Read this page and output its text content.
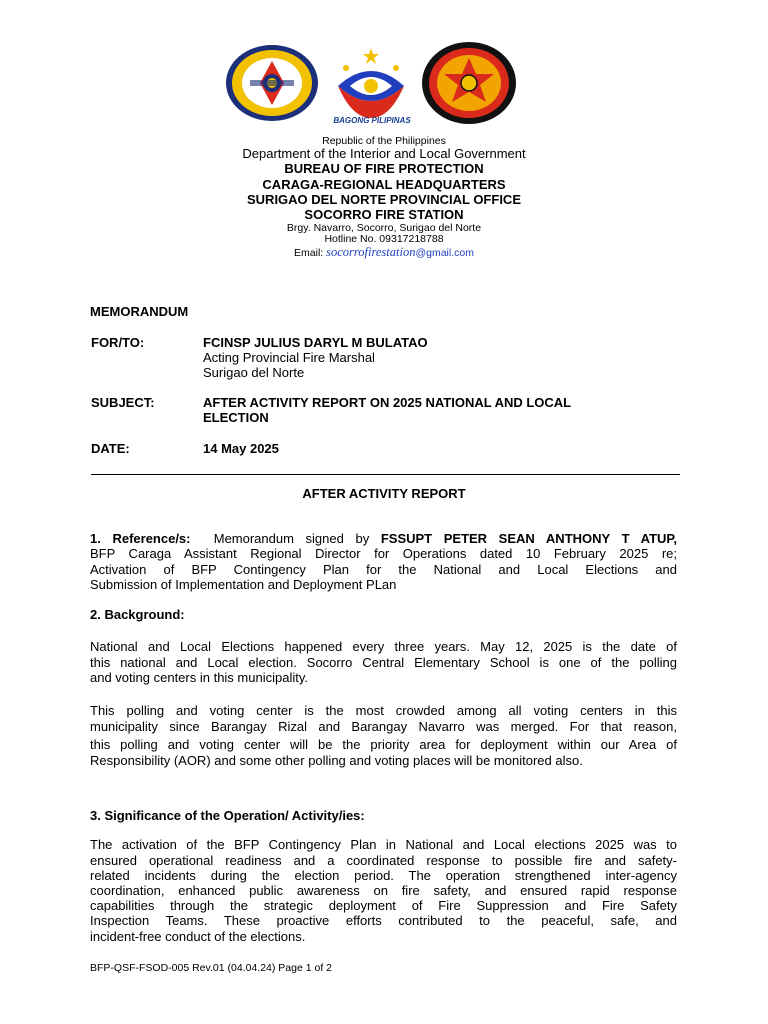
BAGONG PILIPINAS
Republic of the Philippines
Department of the Interior and Local Government
BUREAU OF FIRE PROTECTION
CARAGA-REGIONAL HEADQUARTERS
SURIGAO DEL NORTE PROVINCIAL OFFICE
SOCORRO FIRE STATION
Brgy. Navarro, Socorro, Surigao del Norte
Hotline No. 09317218788
Email: socorrofirestation@gmail.com
MEMORANDUM
FOR/TO:	FCINSP JULIUS DARYL M BULATAO
Acting Provincial Fire Marshal
Surigao del Norte
SUBJECT:	AFTER ACTIVITY REPORT ON 2025 NATIONAL AND LOCAL
ELECTION
DATE:	14 May 2025
AFTER ACTIVITY REPORT
1. Reference/s: Memorandum signed by FSSUPT PETER SEAN ANTHONY T ATUP,
BFP Caraga Assistant Regional Director for Operations dated 10 February 2025 re;
Activation of BFP Contingency Plan for the National and Local Elections and
Submission of Implementation and Deployment PLan
2. Background:
National and Local Elections happened every three years. May 12, 2025 is the date of
this national and Local election. Socorro Central Elementary School is one of the polling
and voting centers in this municipality.
This polling and voting center is the most crowded among all voting centers in this
municipality since Barangay Rizal and Barangay Navarro was merged. For that reason,
this polling and voting center will be the priority area for deployment within our Area of
Responsibility (AOR) and some other polling and voting places will be monitored also.
3. Significance of the Operation/ Activity/ies:
The activation of the BFP Contingency Plan in National and Local elections 2025 was to
ensured operational readiness and a coordinated response to possible fire and safety-
related incidents during the election period. The operation strengthened inter-agency
coordination, enhanced public awareness on fire safety, and ensured rapid response
capabilities through the strategic deployment of Fire Suppression and Fire Safety
Inspection Teams. These proactive efforts contributed to the peaceful, safe, and
incident-free conduct of the elections.
BFP-QSF-FSOD-005 Rev.01 (04.04.24) Page 1 of 2
